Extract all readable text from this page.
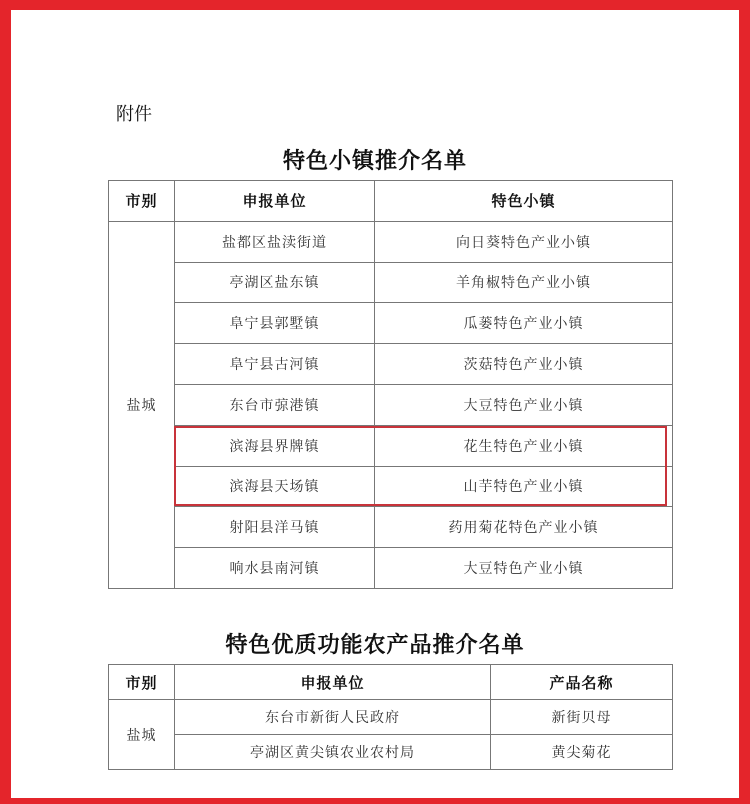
附件
特色小镇推介名单
市别	申报单位	特色小镇
盐城	盐都区盐渎街道	向日葵特色产业小镇
	亭湖区盐东镇	羊角椒特色产业小镇
	阜宁县郭墅镇	瓜蒌特色产业小镇
	阜宁县古河镇	茨菇特色产业小镇
	东台市弶港镇	大豆特色产业小镇
	滨海县界牌镇	花生特色产业小镇
	滨海县天场镇	山芋特色产业小镇
	射阳县洋马镇	药用菊花特色产业小镇
	响水县南河镇	大豆特色产业小镇
特色优质功能农产品推介名单
市别	申报单位	产品名称
盐城	东台市新街人民政府	新街贝母
	亭湖区黄尖镇农业农村局	黄尖菊花
